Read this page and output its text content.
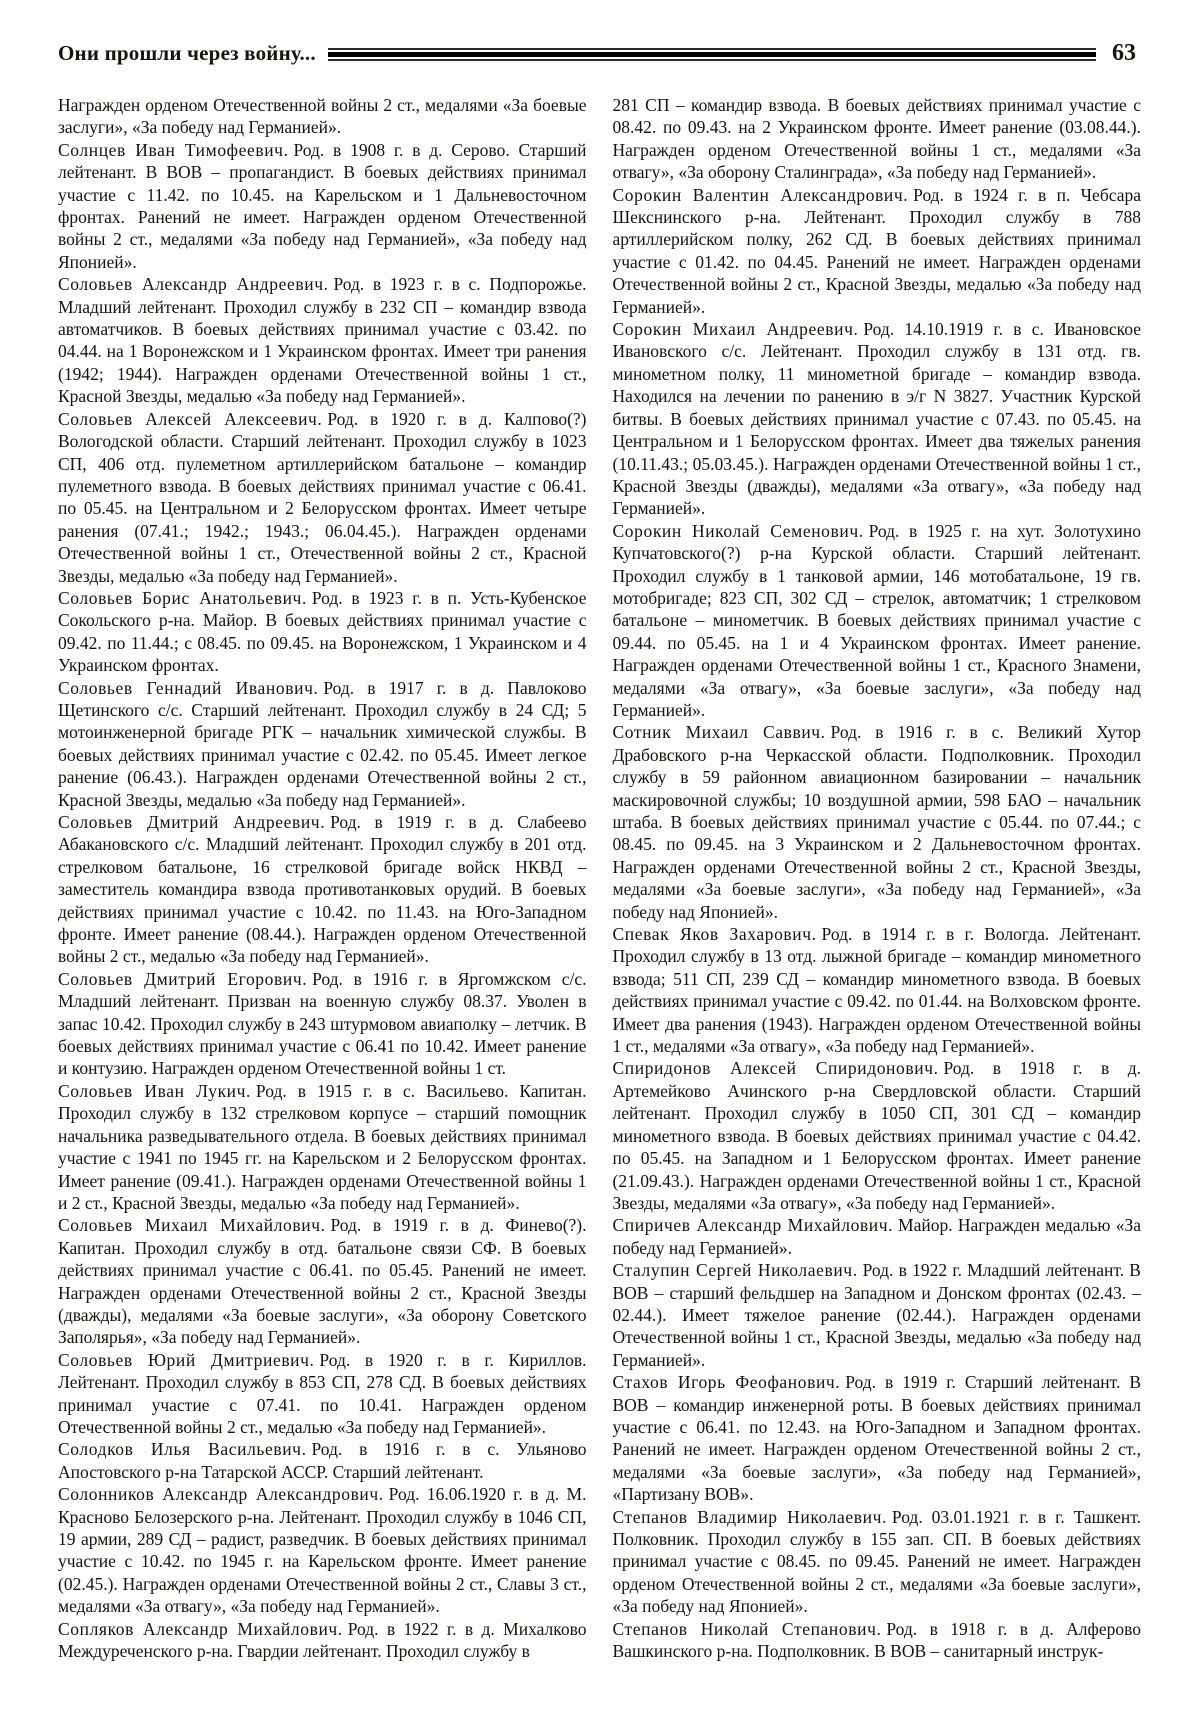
Они прошли через войну...	63

Награжден орденом Отечественной войны 2 ст., медалями «За боевые заслуги», «За победу над Германией».

Солнцев Иван Тимофеевич. Род. в 1908 г. в д. Серово. Старший лейтенант. В ВОВ – пропагандист. В боевых действиях принимал участие с 11.42. по 10.45. на Карельском и 1 Дальневосточном фронтах. Ранений не имеет. Награжден орденом Отечественной войны 2 ст., медалями «За победу над Германией», «За победу над Японией».

Соловьев Александр Андреевич. Род. в 1923 г. в с. Подпорожье. Младший лейтенант. Проходил службу в 232 СП – командир взвода автоматчиков. В боевых действиях принимал участие с 03.42. по 04.44. на 1 Воронежском и 1 Украинском фронтах. Имеет три ранения (1942; 1944). Награжден орденами Отечественной войны 1 ст., Красной Звезды, медалью «За победу над Германией».

Соловьев Алексей Алексеевич. Род. в 1920 г. в д. Калпово(?) Вологодской области. Старший лейтенант. Проходил службу в 1023 СП, 406 отд. пулеметном артиллерийском батальоне – командир пулеметного взвода. В боевых действиях принимал участие с 06.41. по 05.45. на Центральном и 2 Белорусском фронтах. Имеет четыре ранения (07.41.; 1942.; 1943.; 06.04.45.). Награжден орденами Отечественной войны 1 ст., Отечественной войны 2 ст., Красной Звезды, медалью «За победу над Германией».

Соловьев Борис Анатольевич. Род. в 1923 г. в п. Усть-Кубенское Сокольского р-на. Майор. В боевых действиях принимал участие с 09.42. по 11.44.; с 08.45. по 09.45. на Воронежском, 1 Украинском и 4 Украинском фронтах.

Соловьев Геннадий Иванович. Род. в 1917 г. в д. Павлоково Щетинского с/с. Старший лейтенант. Проходил службу в 24 СД; 5 мотоинженерной бригаде РГК – начальник химической службы. В боевых действиях принимал участие с 02.42. по 05.45. Имеет легкое ранение (06.43.). Награжден орденами Отечественной войны 2 ст., Красной Звезды, медалью «За победу над Германией».

Соловьев Дмитрий Андреевич. Род. в 1919 г. в д. Слабеево Абакановского с/с. Младший лейтенант. Проходил службу в 201 отд. стрелковом батальоне, 16 стрелковой бригаде войск НКВД – заместитель командира взвода противотанковых орудий. В боевых действиях принимал участие с 10.42. по 11.43. на Юго-Западном фронте. Имеет ранение (08.44.). Награжден орденом Отечественной войны 2 ст., медалью «За победу над Германией».

Соловьев Дмитрий Егорович. Род. в 1916 г. в Яргомжском с/с. Младший лейтенант. Призван на военную службу 08.37. Уволен в запас 10.42. Проходил службу в 243 штурмовом авиаполку – летчик. В боевых действиях принимал участие с 06.41 по 10.42. Имеет ранение и контузию. Награжден орденом Отечественной войны 1 ст.

Соловьев Иван Лукич. Род. в 1915 г. в с. Васильево. Капитан. Проходил службу в 132 стрелковом корпусе – старший помощник начальника разведывательного отдела. В боевых действиях принимал участие с 1941 по 1945 гг. на Карельском и 2 Белорусском фронтах. Имеет ранение (09.41.). Награжден орденами Отечественной войны 1 и 2 ст., Красной Звезды, медалью «За победу над Германией».

Соловьев Михаил Михайлович. Род. в 1919 г. в д. Финево(?). Капитан. Проходил службу в отд. батальоне связи СФ. В боевых действиях принимал участие с 06.41. по 05.45. Ранений не имеет. Награжден орденами Отечественной войны 2 ст., Красной Звезды (дважды), медалями «За боевые заслуги», «За оборону Советского Заполярья», «За победу над Германией».

Соловьев Юрий Дмитриевич. Род. в 1920 г. в г. Кириллов. Лейтенант. Проходил службу в 853 СП, 278 СД. В боевых действиях принимал участие с 07.41. по 10.41. Награжден орденом Отечественной войны 2 ст., медалью «За победу над Германией».

Солодков Илья Васильевич. Род. в 1916 г. в с. Ульяново Апостовского р-на Татарской АССР. Старший лейтенант.

Солонников Александр Александрович. Род. 16.06.1920 г. в д. М. Красново Белозерского р-на. Лейтенант. Проходил службу в 1046 СП, 19 армии, 289 СД – радист, разведчик. В боевых действиях принимал участие с 10.42. по 1945 г. на Карельском фронте. Имеет ранение (02.45.). Награжден орденами Отечественной войны 2 ст., Славы 3 ст., медалями «За отвагу», «За победу над Германией».

Сопляков Александр Михайлович. Род. в 1922 г. в д. Михалково Междуреченского р-на. Гвардии лейтенант. Проходил службу в

281 СП – командир взвода. В боевых действиях принимал участие с 08.42. по 09.43. на 2 Украинском фронте. Имеет ранение (03.08.44.). Награжден орденом Отечественной войны 1 ст., медалями «За отвагу», «За оборону Сталинграда», «За победу над Германией».

Сорокин Валентин Александрович. Род. в 1924 г. в п. Чебсара Шекснинского р-на. Лейтенант. Проходил службу в 788 артиллерийском полку, 262 СД. В боевых действиях принимал участие с 01.42. по 04.45. Ранений не имеет. Награжден орденами Отечественной войны 2 ст., Красной Звезды, медалью «За победу над Германией».

Сорокин Михаил Андреевич. Род. 14.10.1919 г. в с. Ивановское Ивановского с/с. Лейтенант. Проходил службу в 131 отд. гв. минометном полку, 11 минометной бригаде – командир взвода. Находился на лечении по ранению в э/г N 3827. Участник Курской битвы. В боевых действиях принимал участие с 07.43. по 05.45. на Центральном и 1 Белорусском фронтах. Имеет два тяжелых ранения (10.11.43.; 05.03.45.). Награжден орденами Отечественной войны 1 ст., Красной Звезды (дважды), медалями «За отвагу», «За победу над Германией».

Сорокин Николай Семенович. Род. в 1925 г. на хут. Золотухино Купчатовского(?) р-на Курской области. Старший лейтенант. Проходил службу в 1 танковой армии, 146 мотобатальоне, 19 гв. мотобригаде; 823 СП, 302 СД – стрелок, автоматчик; 1 стрелковом батальоне – минометчик. В боевых действиях принимал участие с 09.44. по 05.45. на 1 и 4 Украинском фронтах. Имеет ранение. Награжден орденами Отечественной войны 1 ст., Красного Знамени, медалями «За отвагу», «За боевые заслуги», «За победу над Германией».

Сотник Михаил Саввич. Род. в 1916 г. в с. Великий Хутор Драбовского р-на Черкасской области. Подполковник. Проходил службу в 59 районном авиационном базировании – начальник маскировочной службы; 10 воздушной армии, 598 БАО – начальник штаба. В боевых действиях принимал участие с 05.44. по 07.44.; с 08.45. по 09.45. на 3 Украинском и 2 Дальневосточном фронтах. Награжден орденами Отечественной войны 2 ст., Красной Звезды, медалями «За боевые заслуги», «За победу над Германией», «За победу над Японией».

Спевак Яков Захарович. Род. в 1914 г. в г. Вологда. Лейтенант. Проходил службу в 13 отд. лыжной бригаде – командир минометного взвода; 511 СП, 239 СД – командир минометного взвода. В боевых действиях принимал участие с 09.42. по 01.44. на Волховском фронте. Имеет два ранения (1943). Награжден орденом Отечественной войны 1 ст., медалями «За отвагу», «За победу над Германией».

Спиридонов Алексей Спиридонович. Род. в 1918 г. в д. Артемейково Ачинского р-на Свердловской области. Старший лейтенант. Проходил службу в 1050 СП, 301 СД – командир минометного взвода. В боевых действиях принимал участие с 04.42. по 05.45. на Западном и 1 Белорусском фронтах. Имеет ранение (21.09.43.). Награжден орденами Отечественной войны 1 ст., Красной Звезды, медалями «За отвагу», «За победу над Германией».

Спиричев Александр Михайлович. Майор. Награжден медалью «За победу над Германией».

Сталупин Сергей Николаевич. Род. в 1922 г. Младший лейтенант. В ВОВ – старший фельдшер на Западном и Донском фронтах (02.43. – 02.44.). Имеет тяжелое ранение (02.44.). Награжден орденами Отечественной войны 1 ст., Красной Звезды, медалью «За победу над Германией».

Стахов Игорь Феофанович. Род. в 1919 г. Старший лейтенант. В ВОВ – командир инженерной роты. В боевых действиях принимал участие с 06.41. по 12.43. на Юго-Западном и Западном фронтах. Ранений не имеет. Награжден орденом Отечественной войны 2 ст., медалями «За боевые заслуги», «За победу над Германией», «Партизану ВОВ».

Степанов Владимир Николаевич. Род. 03.01.1921 г. в г. Ташкент. Полковник. Проходил службу в 155 зап. СП. В боевых действиях принимал участие с 08.45. по 09.45. Ранений не имеет. Награжден орденом Отечественной войны 2 ст., медалями «За боевые заслуги», «За победу над Японией».

Степанов Николай Степанович. Род. в 1918 г. в д. Алферово Вашкинского р-на. Подполковник. В ВОВ – санитарный инструк-
